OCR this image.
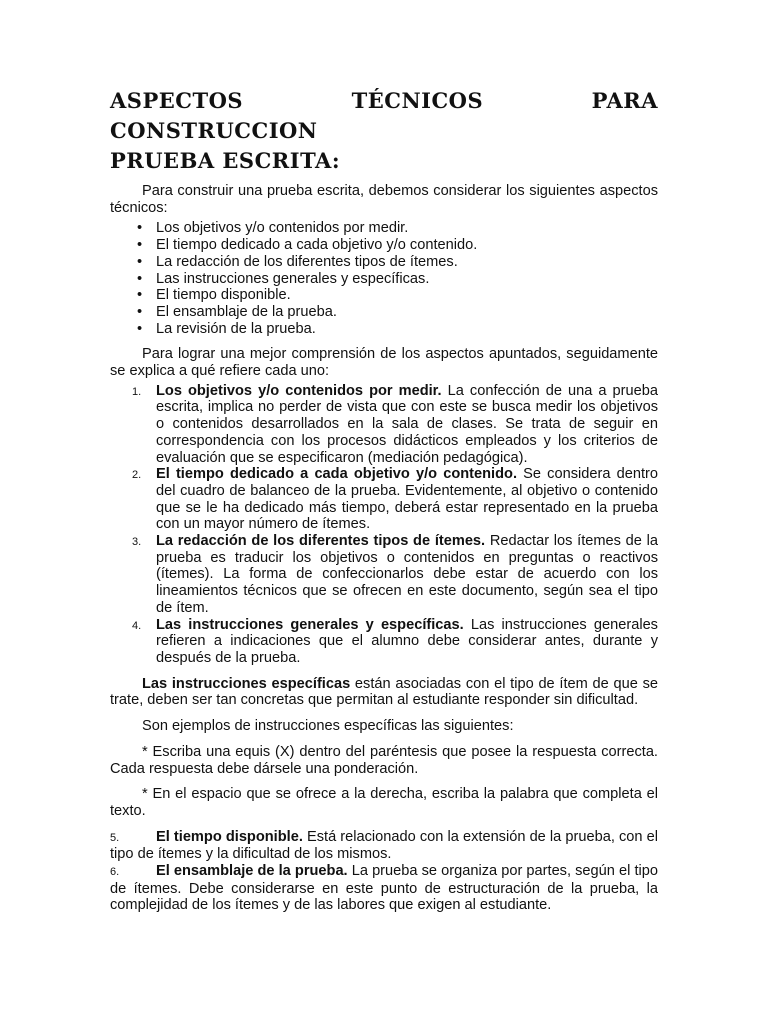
ASPECTOS TÉCNICOS PARA CONSTRUCCION
PRUEBA ESCRITA:

Para construir una prueba escrita, debemos considerar los siguientes aspectos técnicos:

• Los objetivos y/o contenidos por medir.
• El tiempo dedicado a cada objetivo y/o contenido.
• La redacción de los diferentes tipos de ítemes.
• Las instrucciones generales y específicas.
• El tiempo disponible.
• El ensamblaje de la prueba.
• La revisión de la prueba.

Para lograr una mejor comprensión de los aspectos apuntados, seguidamente se explica a qué refiere cada uno:

1. Los objetivos y/o contenidos por medir. La confección de una a prueba escrita, implica no perder de vista que con este se busca medir los objetivos o contenidos desarrollados en la sala de clases. Se trata de seguir en correspondencia con los procesos didácticos empleados y los criterios de evaluación que se especificaron (mediación pedagógica).
2. El tiempo dedicado a cada objetivo y/o contenido. Se considera dentro del cuadro de balanceo de la prueba. Evidentemente, al objetivo o contenido que se le ha dedicado más tiempo, deberá estar representado en la prueba con un mayor número de ítemes.
3. La redacción de los diferentes tipos de ítemes. Redactar los ítemes de la prueba es traducir los objetivos o contenidos en preguntas o reactivos (ítemes). La forma de confeccionarlos debe estar de acuerdo con los lineamientos técnicos que se ofrecen en este documento, según sea el tipo de ítem.
4. Las instrucciones generales y específicas. Las instrucciones generales refieren a indicaciones que el alumno debe considerar antes, durante y después de la prueba.

Las instrucciones específicas están asociadas con el tipo de ítem de que se trate, deben ser tan concretas que permitan al estudiante responder sin dificultad.

Son ejemplos de instrucciones específicas las siguientes:

* Escriba una equis (X) dentro del paréntesis que posee la respuesta correcta. Cada respuesta debe dársele una ponderación.

* En el espacio que se ofrece a la derecha, escriba la palabra que completa el texto.

5.	El tiempo disponible. Está relacionado con la extensión de la prueba, con el tipo de ítemes y la dificultad de los mismos.

6.	El ensamblaje de la prueba. La prueba se organiza por partes, según el tipo de ítemes. Debe considerarse en este punto de estructuración de la prueba, la complejidad de los ítemes y de las labores que exigen al estudiante.
